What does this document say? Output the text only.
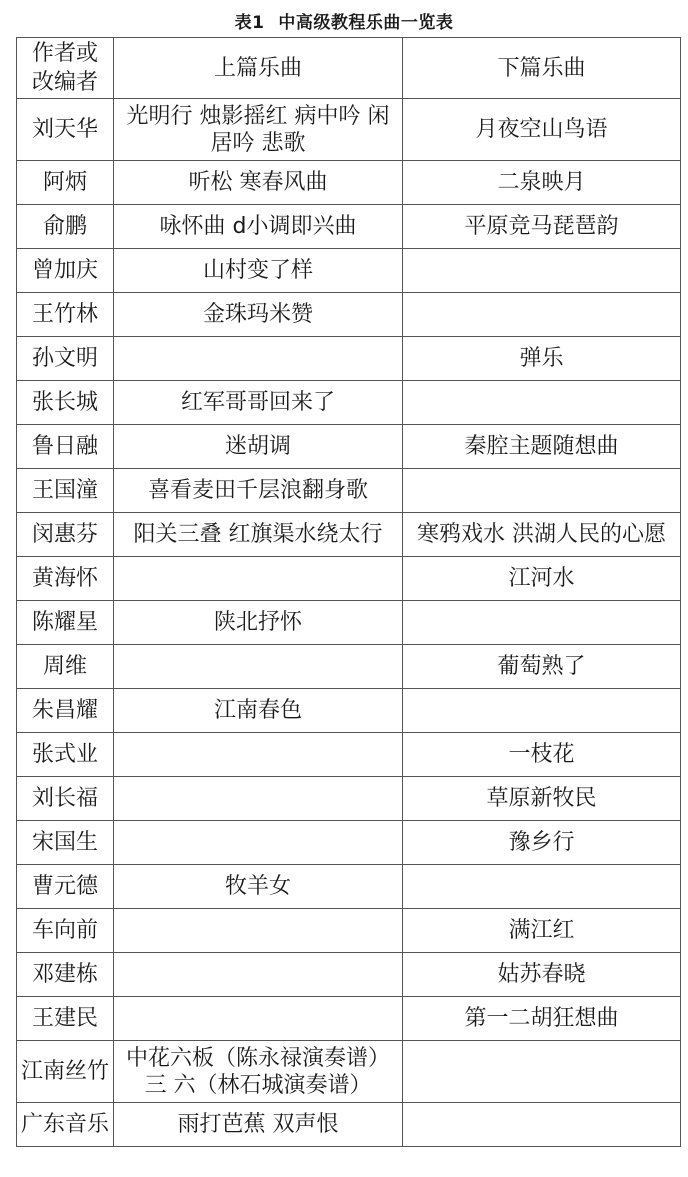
表1 中高级教程乐曲一览表
作者或
改编者	上篇乐曲	下篇乐曲
刘天华	光明行 烛影摇红 病中吟 闲居吟 悲歌	月夜空山鸟语
阿炳	听松 寒春风曲	二泉映月
俞鹏	咏怀曲 d小调即兴曲	平原竞马琵琶韵
曾加庆	山村变了样	
王竹林	金珠玛米赞	
孙文明		弹乐
张长城	红军哥哥回来了	
鲁日融	迷胡调	秦腔主题随想曲
王国潼	喜看麦田千层浪翻身歌	
闵惠芬	阳关三叠 红旗渠水绕太行	寒鸦戏水 洪湖人民的心愿
黄海怀		江河水
陈耀星	陕北抒怀	
周维		葡萄熟了
朱昌耀	江南春色	
张式业		一枝花
刘长福		草原新牧民
宋国生		豫乡行
曹元德	牧羊女	
车向前		满江红
邓建栋		姑苏春晓
王建民		第一二胡狂想曲
江南丝竹	中花六板（陈永禄演奏谱） 三 六（林石城演奏谱）	
广东音乐	雨打芭蕉 双声恨	
